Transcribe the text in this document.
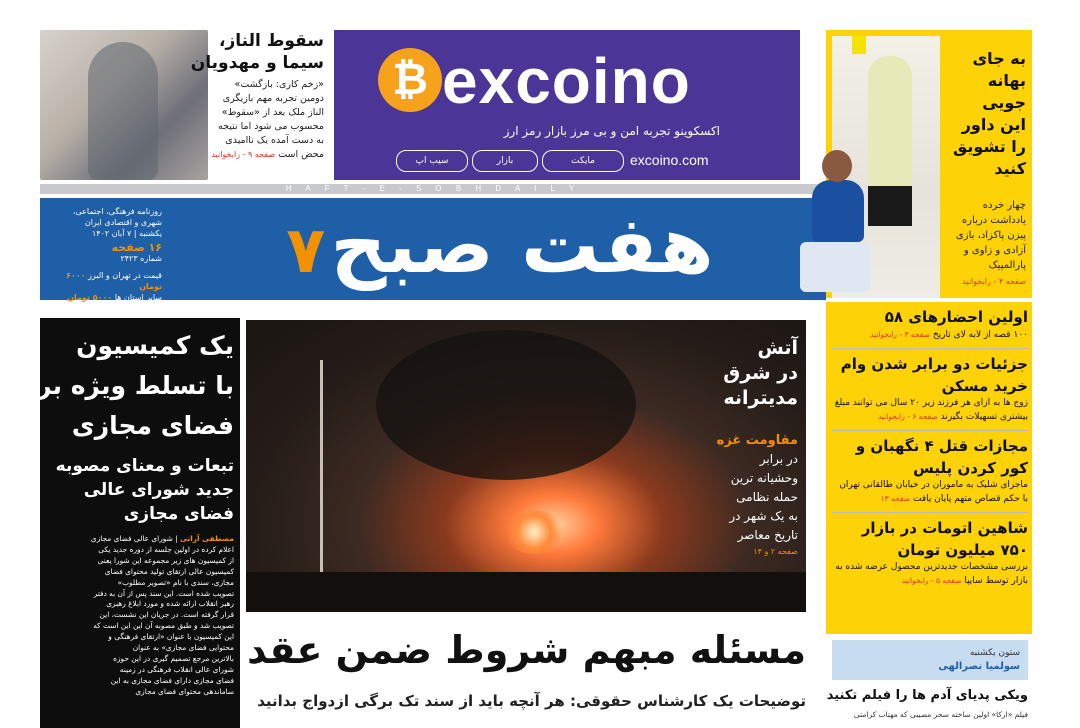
سقوط الناز،
سیما و مهدویان
«زخم کاری: بازگشت»
دومین تجربه مهم بازیگری
الناز ملک بعد از «سقوط»
محسوب می شود اما نتیجه
به دست آمده یک ناامیدی
محض است صفحه ۹ - رابخوانید
₿ excoino
اکسکوینو تجربه امن و بی مرز بازار رمز ارز
excoino.com
مایکت
بازار
سیب اپ
به جای
بهانه جویی
این داور
را تشویق
کنید
چهار خرده
یادداشت درباره
پیزن پاکزاد، بازی
آزادی و زاوی و
پارالمپیک
صفحه ۴ - رابخوانید
H A F T - E - S O B H D A I L Y
روزنامه فرهنگی، اجتماعی،
شهری و اقتصادی ایران
یکشنبه | ۷ آبان ۱۴۰۲
۱۶ صفحه
شماره ۲۴۲۳
قیمت در تهران و البرز ۶۰۰۰ تومان
سایر استان ها ۵۰۰۰ تومان
هفت صبح ۷
یک کمیسیون
با تسلط ویژه بر
فضای مجازی
تبعات و معنای مصوبه
جدید شورای عالی
فضای مجازی
مصطفی آرانی | شورای عالی فضای مجازی
اعلام کرده در اولین جلسه از دوره جدید یکی
از کمیسیون های زیر مجموعه این شورا یعنی
کمیسیون عالی ارتقای تولید محتوای فضای
مجازی، سندی با نام «تصویر مطلوب»
تصویب شده است. این سند پس از آن به دفتر
رهبر انقلاب ارائه شده و مورد ابلاغ رهبری
قرار گرفته است. در جریان این نشست، این
تصویب شد و طبق مصوبه آن این این است که
این کمیسیون با عنوان «ارتقای فرهنگی و
محتوایی فضای مجازی» به عنوان
بالاترین مرجع تصمیم گیری در این حوزه
شورای عالی انقلاب فرهنگی در زمینه
فضای مجازی دارای فضای مجازی به این
ساماندهی محتوای فضای مجازی
آتش
در شرق
مدیترانه
مقاومت غزه
در برابر
وحشیانه ترین
حمله نظامی
به یک شهر در
تاریخ معاصر
صفحه ۲ و ۱۴
مسئله مبهم شروط ضمن عقد
توضیحات یک کارشناس حقوقی: هر آنچه باید از سند تک برگی ازدواج بدانید
اولین احضارهای ۵۸
۱۰۰ قصه از لابه لای تاریخ صفحه ۳ - رابخوانید
جزئیات دو برابر شدن وام خرید مسکن
زوج ها به ازای هر فرزند زیر ۲۰ سال می توانند مبلغ بیشتری تسهیلات بگیرند صفحه ۶ - رابخوانید
مجازات قتل ۴ نگهبان و کور کردن پلیس
ماجرای شلیک به ماموران در خیابان طالقانی تهران با حکم قصاص متهم پایان یافت صفحه ۱۳
شاهین اتومات در بازار ۷۵۰ میلیون تومان
بررسی مشخصات جدیدترین محصول عرضه شده به بازار توسط سایپا صفحه ۵ - رابخوانید
ستون یکشنبه
سولمیا نصرالهی
ویکی پدیای آدم ها را فیلم تکنید
فیلم «ارکا» اولین ساخته سحر مصیبی که مهتاب کرامتی
